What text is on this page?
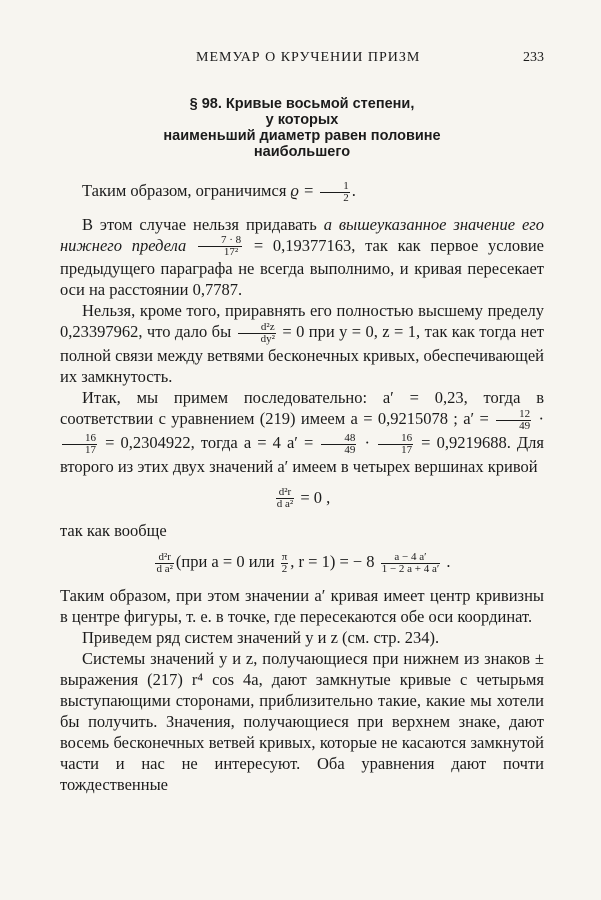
МЕМУАР О КРУЧЕНИИ ПРИЗМ	233
§ 98. Кривые восьмой степени,
у которых
наименьший диаметр равен половине
наибольшего

Таким образом, ограничимся $ϱ = \frac{1}{2}$ .

В этом случае нельзя придавать а вышеуказанное значение его нижнего предела $\frac{7 \cdot 8}{\text{17²}} = 0,19377163$, так как первое условие предыдущего параграфа не всегда выполнимо, и кривая пересекает оси на расстоянии 0,7787.

Нельзя, кроме того, приравнять его полностью высшему пределу 0,23397962, что дало бы $\frac{\text{d²z}}{\text{dy²}} = 0$ при y = 0, z = 1, так как тогда нет полной связи между ветвями бесконечных кривых, обеспечивающей их замкнутость.

Итак, мы примем последовательно: a′ = 0,23, тогда в соответствии с уравнением (219) имеем a = 0,9215078 ; $a' = \frac{12}{49}$ ·
$\frac{16}{17} = 0,2304922$, тогда a = 4 $a' = \frac{48}{49} \cdot \frac{16}{17} = 0,9219688$. Для второго из этих двух значений a′ имеем в четырех вершинах кривой

$\frac{\text{d²r}}{\text{d a²}} = 0$ ,

так как вообще

$\frac{\text{d²r}}{\text{d a²}} (при$ a = 0 или $\frac{\pi}{2}$ , r = 1) = − $8 \frac{a - 4 a'}{1 - 2 a + 4 a'}$ .

Таким образом, при этом значении a′ кривая имеет центр кривизны в центре фигуры, т. е. в точке, где пересекаются обе оси координат.

Приведем ряд систем значений y и z (см. стр. 234).

Системы значений y и z, получающиеся при нижнем из знаков ± выражения (217) r⁴ cos 4a, дают замкнутые кривые с четырьмя выступающими сторонами, приблизительно такие, какие мы хотели бы получить. Значения, получающиеся при верхнем знаке, дают восемь бесконечных ветвей кривых, которые не касаются замкнутой части и нас не интересуют. Оба уравнения дают почти тождественные
